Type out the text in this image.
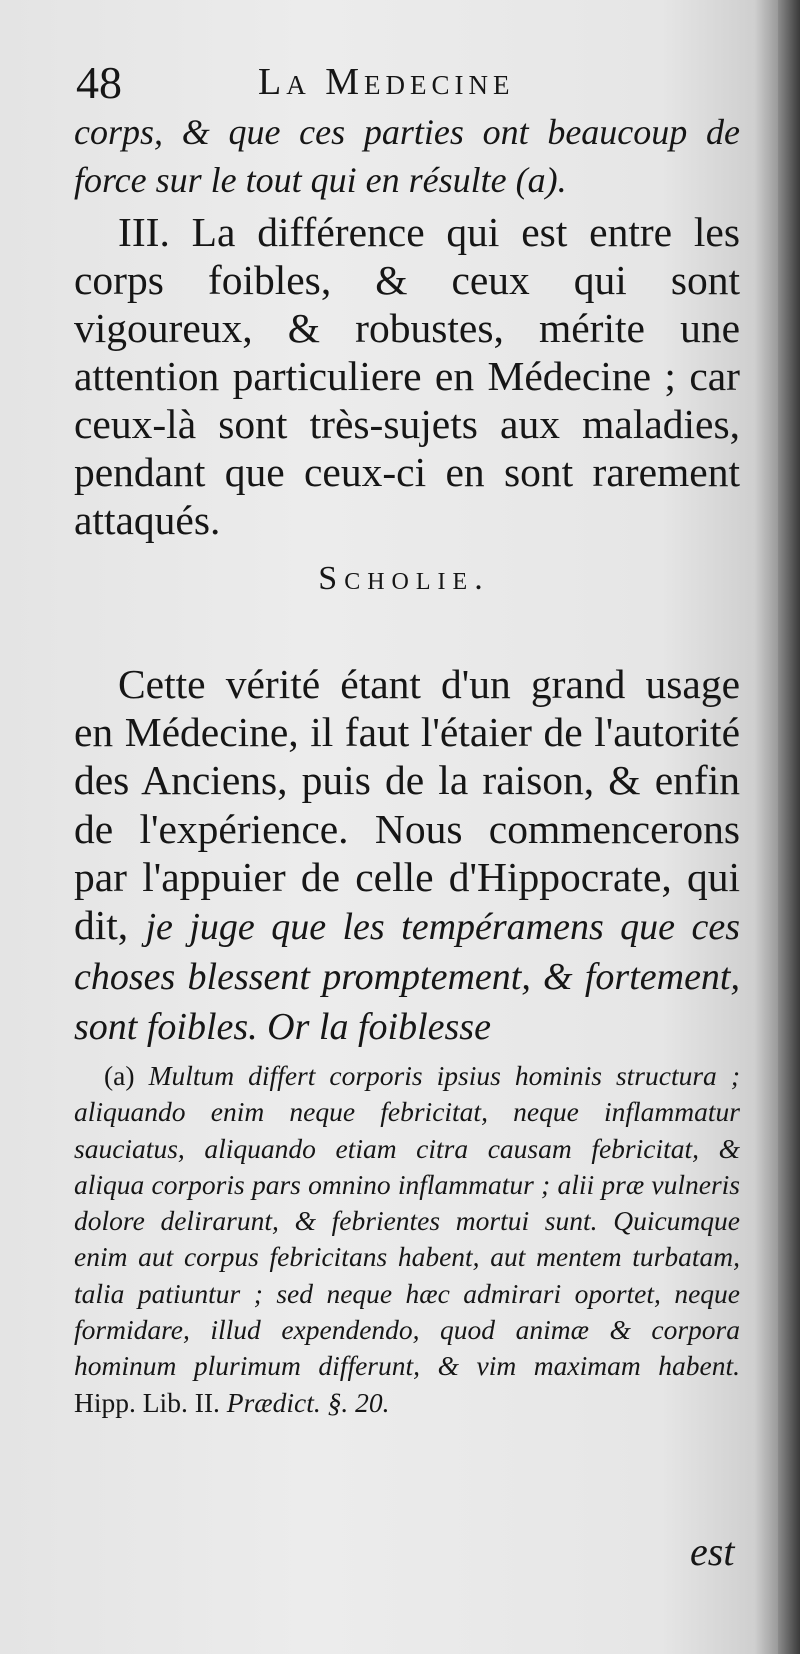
48	La Medecine

corps, & que ces parties ont beaucoup de force sur le tout qui en résulte (a).

III. La différence qui est entre les corps foibles, & ceux qui sont vigoureux, & robustes, mérite une attention particuliere en Médecine ; car ceux-là sont très-sujets aux maladies, pendant que ceux-ci en sont rarement attaqués.

Scholie.

Cette vérité étant d'un grand usage en Médecine, il faut l'étaier de l'autorité des Anciens, puis de la raison, & enfin de l'expérience. Nous commencerons par l'appuier de celle d'Hippocrate, qui dit, je juge que les tempéramens que ces choses blessent promptement, & fortement, sont foibles. Or la foiblesse

(a) Multum differt corporis ipsius hominis structura ; aliquando enim neque febricitat, neque inflammatur sauciatus, aliquando etiam citra causam febricitat, & aliqua corporis pars omnino inflammatur ; alii præ vulneris dolore delirarunt, & febrientes mortui sunt. Quicumque enim aut corpus febricitans habent, aut mentem turbatam, talia patiuntur ; sed neque hæc admirari oportet, neque formidare, illud expendendo, quod animæ & corpora hominum plurimum differunt, & vim maximam habent. Hipp. Lib. II. Prædict. §. 20.

est
